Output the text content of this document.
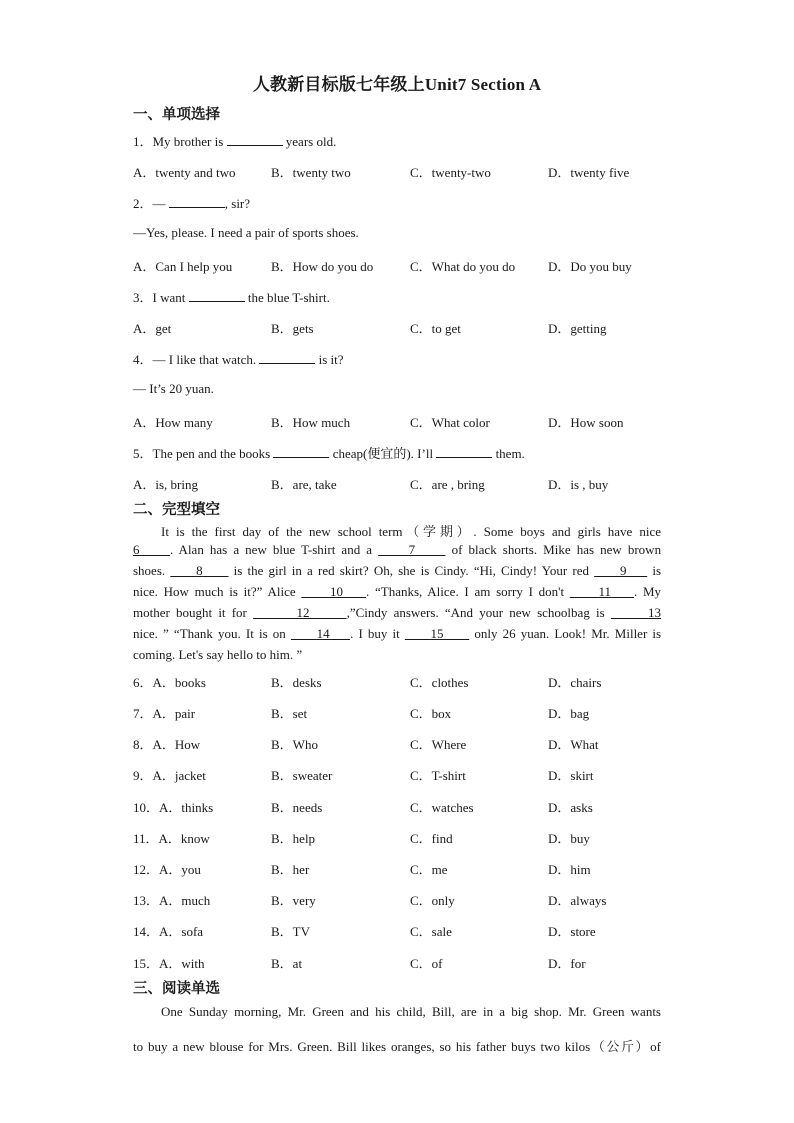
人教新目标版七年级上Unit7 Section A
一、单项选择
1．My brother is	years old.
A．twenty and two	B．twenty two	C．twenty-two	D．twenty five
2．—	, sir?
—Yes, please. I need a pair of sports shoes.
A．Can I help you	B．How do you do	C．What do you do	D．Do you buy
3．I want	the blue T-shirt.
A．get	B．gets	C．to get	D．getting
4．— I like that watch.	is it?
— It’s 20 yuan.
A．How many	B．How much	C．What color	D．How soon
5．The pen and the books	cheap(便宜的). I’ll	them.
A．is, bring	B．are, take	C．are , bring	D．is , buy
二、完型填空
It is the first day of the new school term（学期）. Some boys and girls have nice
6 . Alan has a new blue T-shirt and a	7	of black shorts. Mike has new brown
shoes. 8 is the girl in a red skirt? Oh, she is Cindy. “Hi, Cindy! Your red 9 is
nice. How much is it?” Alice	10 . “Thanks, Alice. I am sorry I don't	11 . My
mother bought it for	12	,”Cindy answers. “And your new schoolbag is	13
nice. ” “Thank you. It is on 14 . I buy it 15 only 26 yuan. Look! Mr. Miller is
coming. Let's say hello to him. ”
6．A．books	B．desks	C．clothes	D．chairs
7．A．pair	B．set	C．box	D．bag
8．A．How	B．Who	C．Where	D．What
9．A．jacket	B．sweater	C．T-shirt	D．skirt
10．A．thinks	B．needs	C．watches	D．asks
11．A．know	B．help	C．find	D．buy
12．A．you	B．her	C．me	D．him
13．A．much	B．very	C．only	D．always
14．A．sofa	B．TV	C．sale	D．store
15．A．with	B．at	C．of	D．for
三、阅读单选
One Sunday morning, Mr. Green and his child, Bill, are in a big shop. Mr. Green wants
to buy a new blouse for Mrs. Green. Bill likes oranges, so his father buys two kilos（公斤）of
